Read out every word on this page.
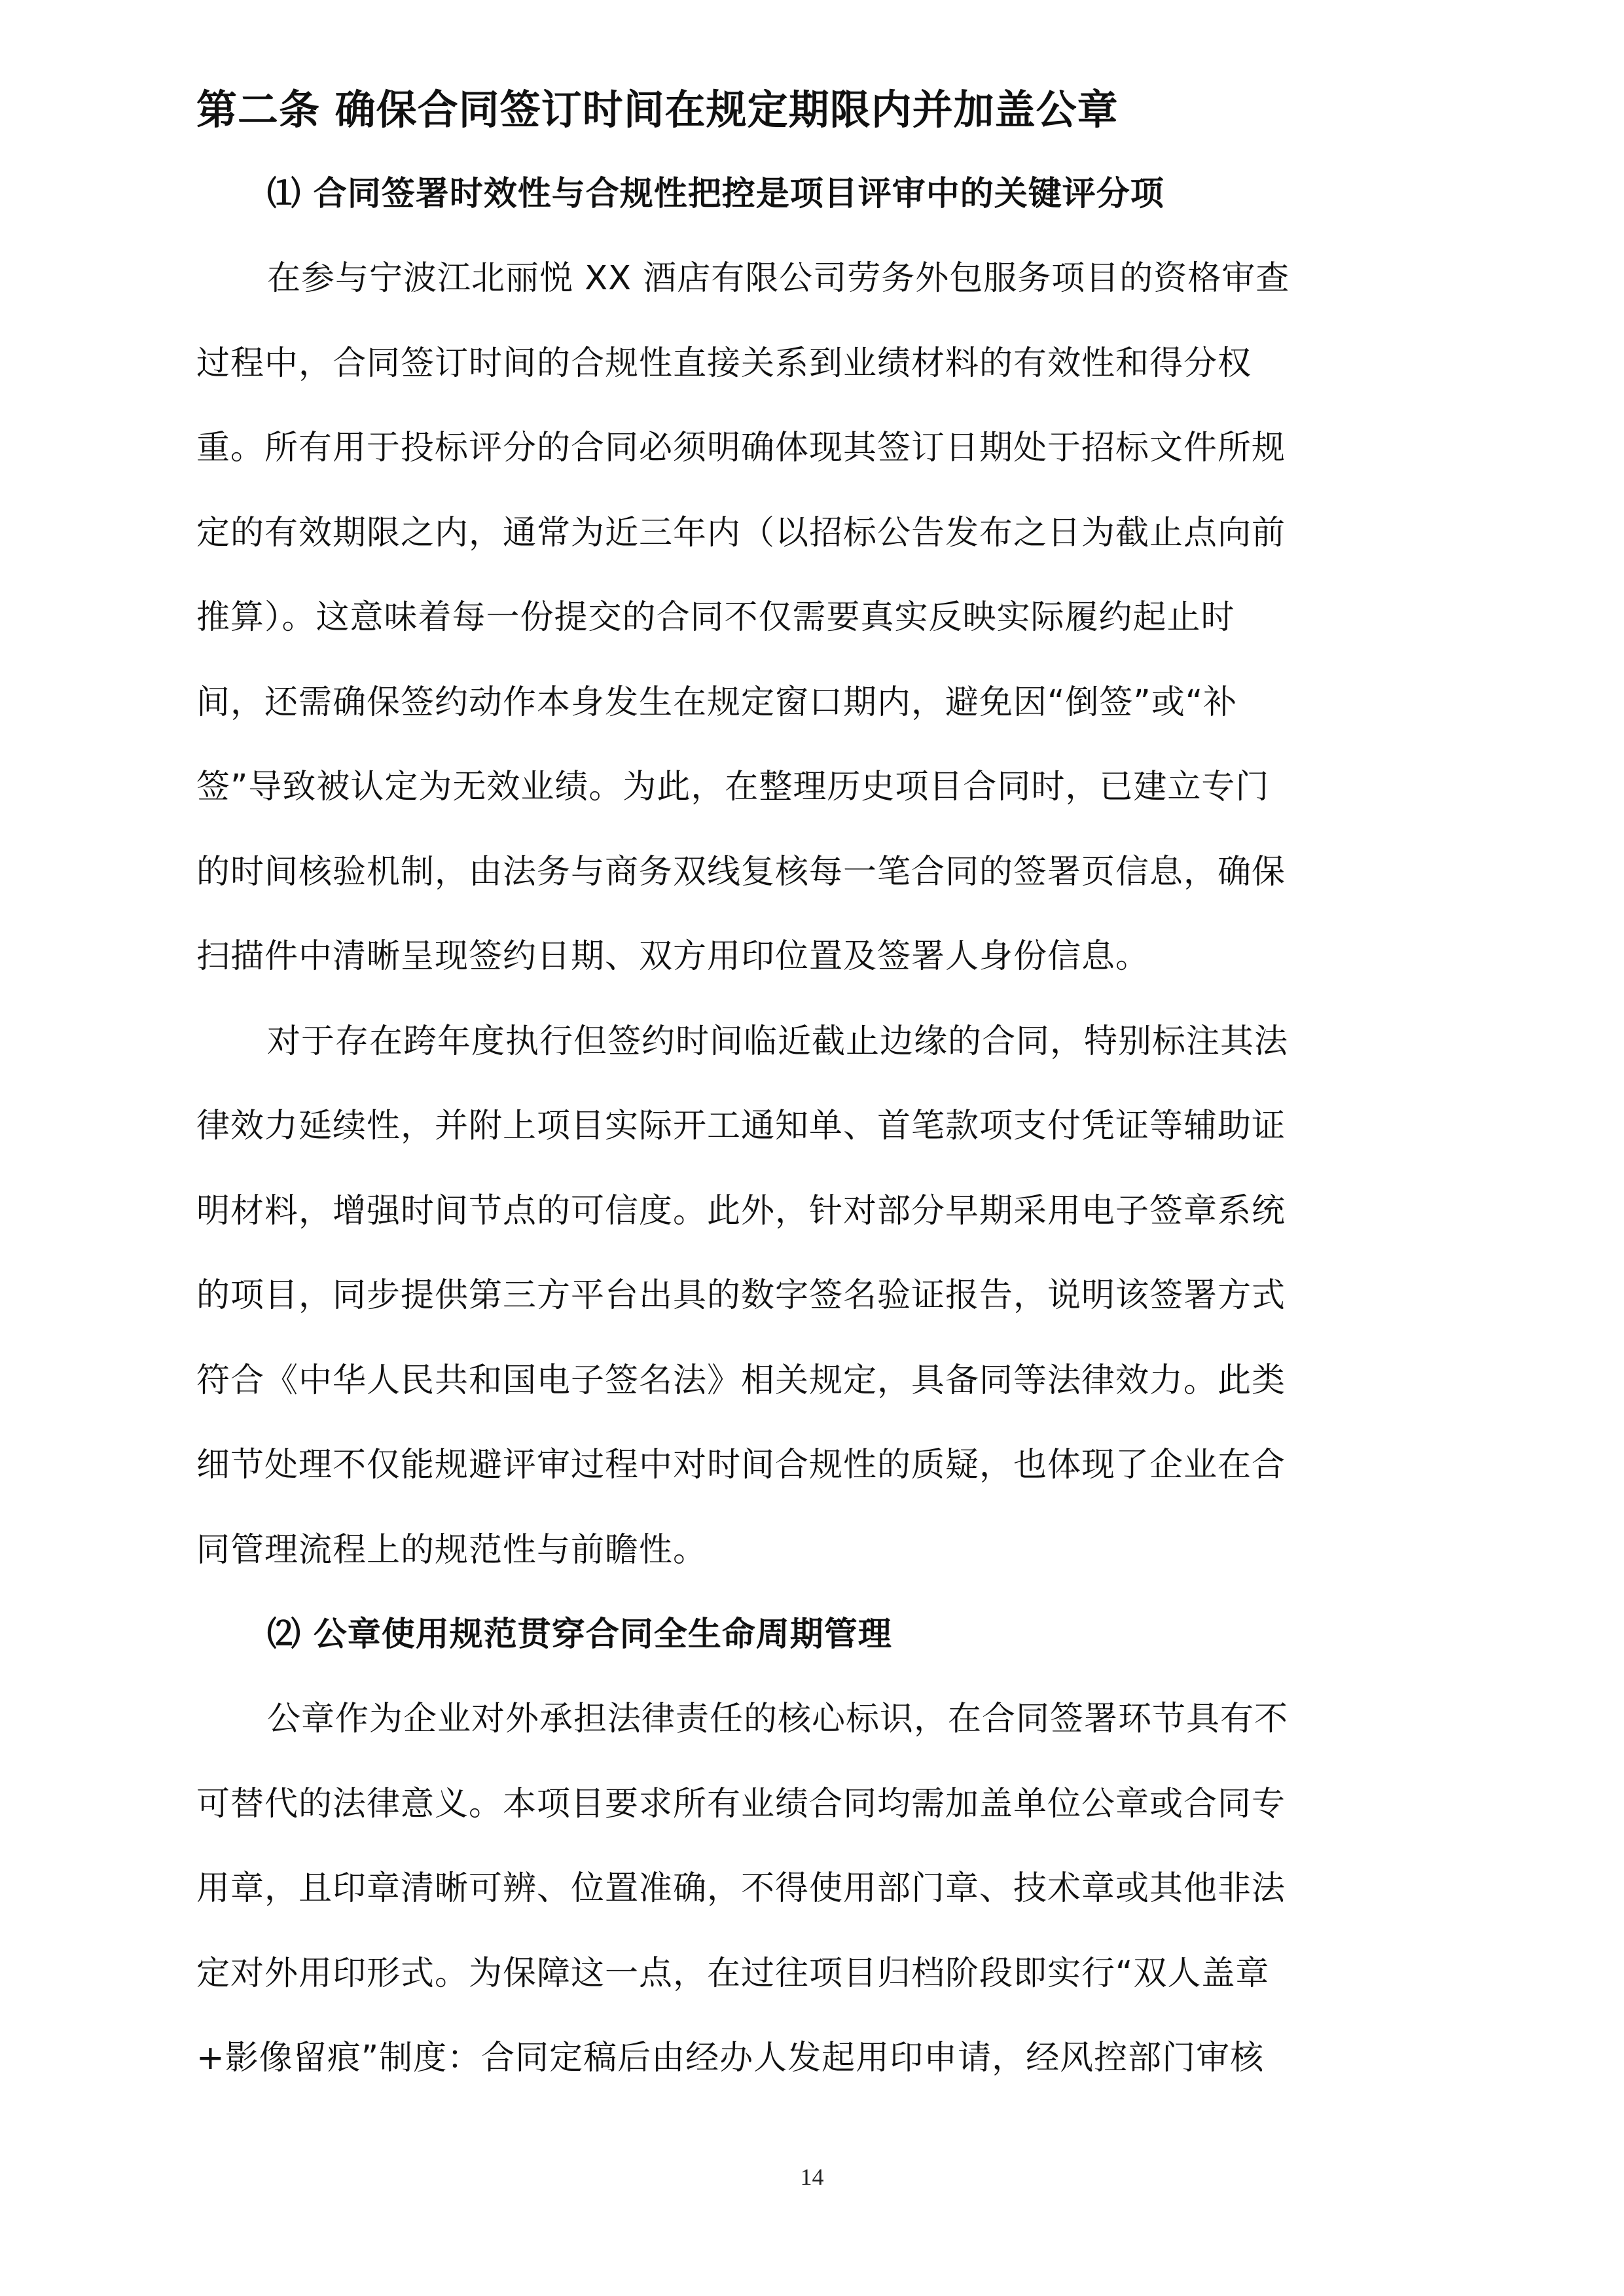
第二条 确保合同签订时间在规定期限内并加盖公章
⑴ 合同签署时效性与合规性把控是项目评审中的关键评分项

在参与宁波江北丽悦 XX 酒店有限公司劳务外包服务项目的资格审查
过程中，合同签订时间的合规性直接关系到业绩材料的有效性和得分权
重。所有用于投标评分的合同必须明确体现其签订日期处于招标文件所规
定的有效期限之内，通常为近三年内（以招标公告发布之日为截止点向前
推算）。这意味着每一份提交的合同不仅需要真实反映实际履约起止时
间，还需确保签约动作本身发生在规定窗口期内，避免因“倒签”或“补
签”导致被认定为无效业绩。为此，在整理历史项目合同时，已建立专门
的时间核验机制，由法务与商务双线复核每一笔合同的签署页信息，确保
扫描件中清晰呈现签约日期、双方用印位置及签署人身份信息。

对于存在跨年度执行但签约时间临近截止边缘的合同，特别标注其法
律效力延续性，并附上项目实际开工通知单、首笔款项支付凭证等辅助证
明材料，增强时间节点的可信度。此外，针对部分早期采用电子签章系统
的项目，同步提供第三方平台出具的数字签名验证报告，说明该签署方式
符合《中华人民共和国电子签名法》相关规定，具备同等法律效力。此类
细节处理不仅能规避评审过程中对时间合规性的质疑，也体现了企业在合
同管理流程上的规范性与前瞻性。

⑵ 公章使用规范贯穿合同全生命周期管理

公章作为企业对外承担法律责任的核心标识，在合同签署环节具有不
可替代的法律意义。本项目要求所有业绩合同均需加盖单位公章或合同专
用章，且印章清晰可辨、位置准确，不得使用部门章、技术章或其他非法
定对外用印形式。为保障这一点，在过往项目归档阶段即实行“双人盖章
+影像留痕”制度：合同定稿后由经办人发起用印申请，经风控部门审核

14
